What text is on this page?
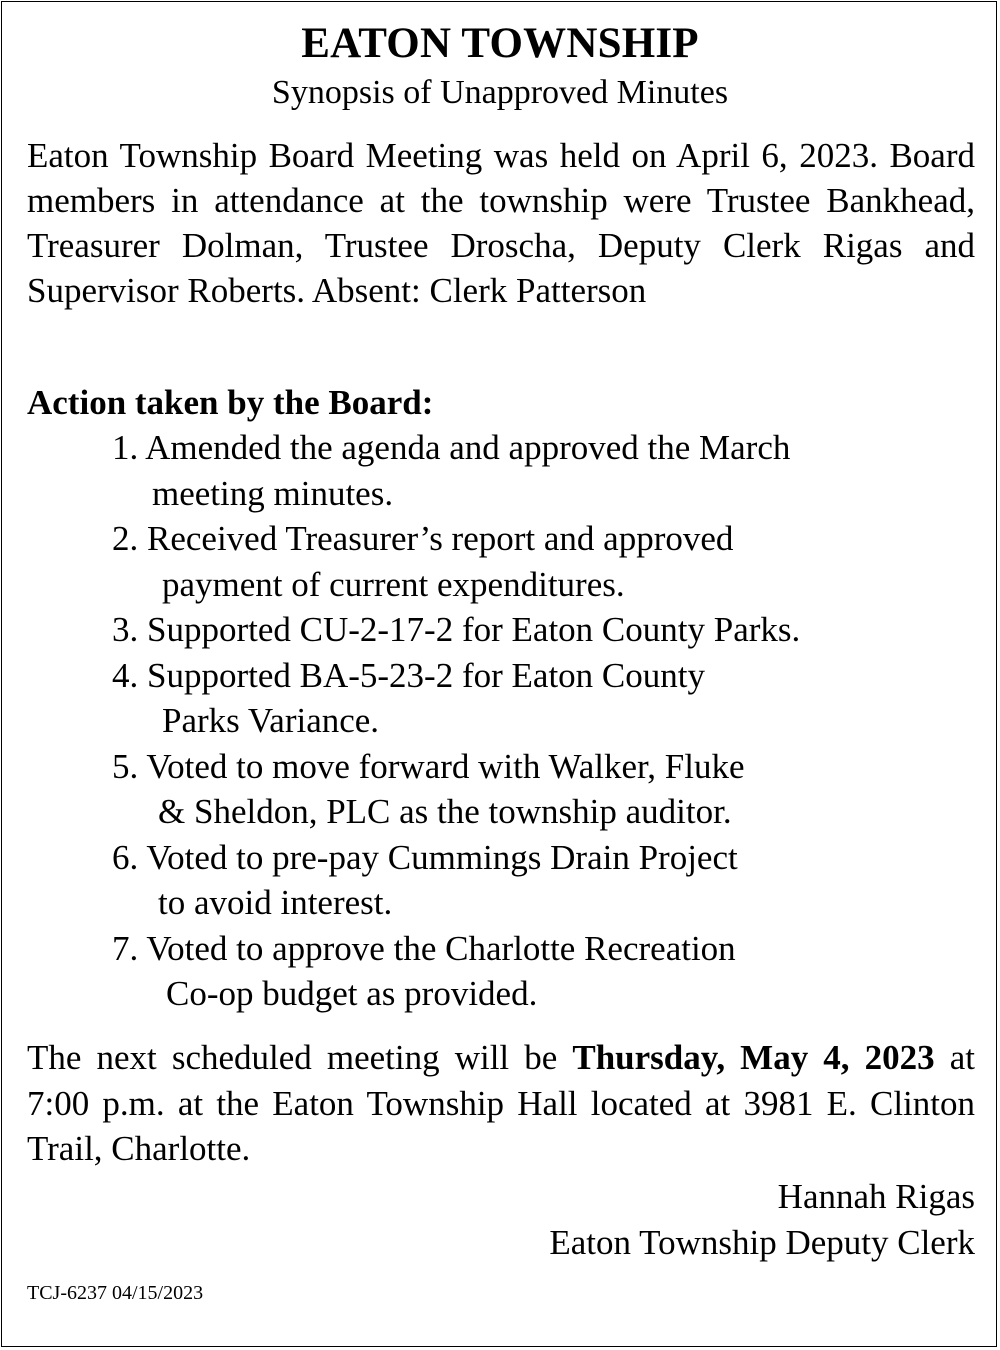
EATON TOWNSHIP
Synopsis of Unapproved Minutes

Eaton Township Board Meeting was held on April 6, 2023. Board members in attendance at the township were Trustee Bankhead, Treasurer Dolman, Trustee Droscha, Deputy Clerk Rigas and Supervisor Roberts. Absent: Clerk Patterson

Action taken by the Board:
1. Amended the agenda and approved the March
meeting minutes.
2. Received Treasurer’s report and approved
payment of current expenditures.
3. Supported CU-2-17-2 for Eaton County Parks.
4. Supported BA-5-23-2 for Eaton County
Parks Variance.
5. Voted to move forward with Walker, Fluke
& Sheldon, PLC as the township auditor.
6. Voted to pre-pay Cummings Drain Project
to avoid interest.
7. Voted to approve the Charlotte Recreation
Co-op budget as provided.

The next scheduled meeting will be Thursday, May 4, 2023 at 7:00 p.m. at the Eaton Township Hall located at 3981 E. Clinton Trail, Charlotte.

Hannah Rigas
Eaton Township Deputy Clerk
TCJ-6237 04/15/2023
